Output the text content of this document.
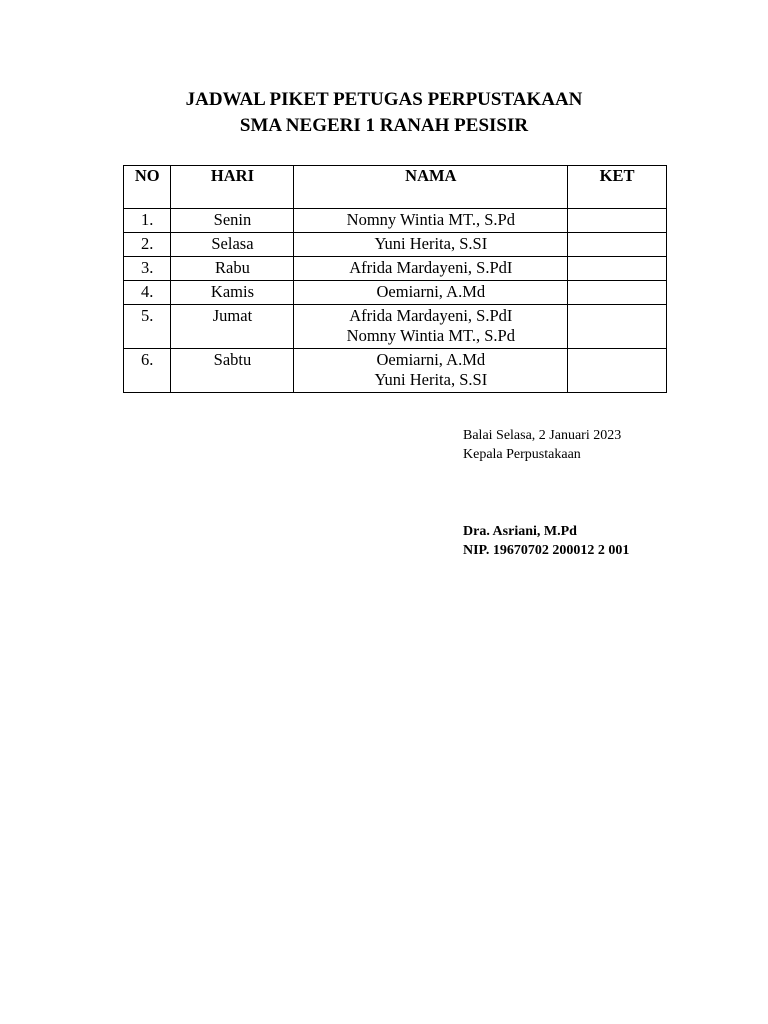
JADWAL PIKET PETUGAS PERPUSTAKAAN
SMA NEGERI 1 RANAH PESISIR
NO	HARI	NAMA	KET
1.	Senin	Nomny Wintia MT., S.Pd	

2.	Selasa	Yuni Herita, S.SI	

3.	Rabu	Afrida Mardayeni, S.PdI	

4.	Kamis	Oemiarni, A.Md	

5.	Jumat	Afrida Mardayeni, S.PdI
Nomny Wintia MT., S.Pd	

6.	Sabtu	Oemiarni, A.Md
Yuni Herita, S.SI	

Balai Selasa, 2 Januari 2023
Kepala Perpustakaan
Dra. Asriani, M.Pd
NIP. 19670702 200012 2 001
